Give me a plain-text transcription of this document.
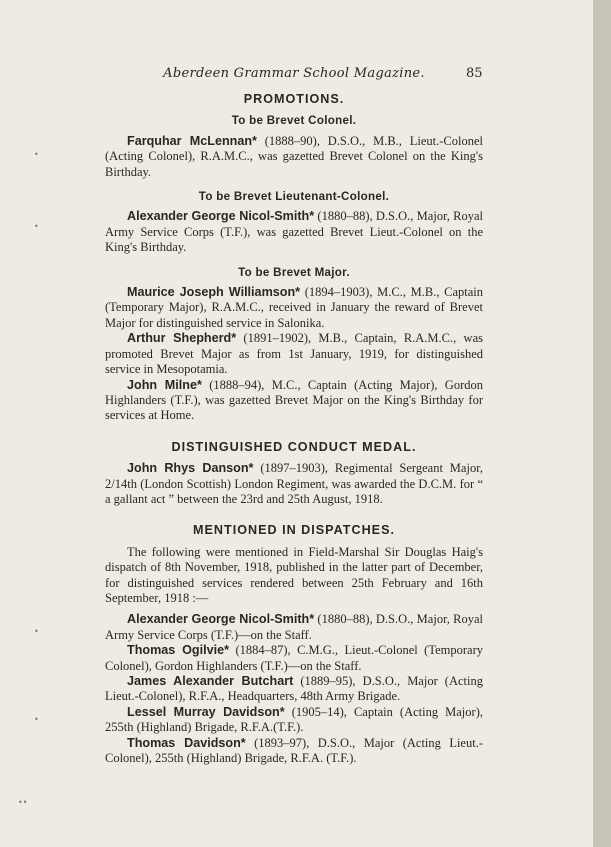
•
•
•
•
••
Aberdeen Grammar School Magazine.	85
PROMOTIONS.
To be Brevet Colonel.

Farquhar McLennan* (1888–90), D.S.O., M.B., Lieut.-Colonel (Acting Colonel), R.A.M.C., was gazetted Brevet Colonel on the King's Birthday.

To be Brevet Lieutenant-Colonel.

Alexander George Nicol-Smith* (1880–88), D.S.O., Major, Royal Army Service Corps (T.F.), was gazetted Brevet Lieut.-Colonel on the King's Birthday.

To be Brevet Major.

Maurice Joseph Williamson* (1894–1903), M.C., M.B., Captain (Temporary Major), R.A.M.C., received in January the reward of Brevet Major for distinguished service in Salonika.

Arthur Shepherd* (1891–1902), M.B., Captain, R.A.M.C., was promoted Brevet Major as from 1st January, 1919, for distinguished service in Mesopotamia.

John Milne* (1888–94), M.C., Captain (Acting Major), Gordon Highlanders (T.F.), was gazetted Brevet Major on the King's Birthday for services at Home.

DISTINGUISHED CONDUCT MEDAL.

John Rhys Danson* (1897–1903), Regimental Sergeant Major, 2/14th (London Scottish) London Regiment, was awarded the D.C.M. for “ a gallant act ” between the 23rd and 25th August, 1918.

MENTIONED IN DISPATCHES.

The following were mentioned in Field-Marshal Sir Douglas Haig's dispatch of 8th November, 1918, published in the latter part of December, for distinguished services rendered between 25th February and 16th September, 1918 :—

Alexander George Nicol-Smith* (1880–88), D.S.O., Major, Royal Army Service Corps (T.F.)—on the Staff.

Thomas Ogilvie* (1884–87), C.M.G., Lieut.-Colonel (Temporary Colonel), Gordon Highlanders (T.F.)—on the Staff.

James Alexander Butchart (1889–95), D.S.O., Major (Acting Lieut.-Colonel), R.F.A., Headquarters, 48th Army Brigade.

Lessel Murray Davidson* (1905–14), Captain (Acting Major), 255th (Highland) Brigade, R.F.A.(T.F.).

Thomas Davidson* (1893–97), D.S.O., Major (Acting Lieut.-Colonel), 255th (Highland) Brigade, R.F.A. (T.F.).
